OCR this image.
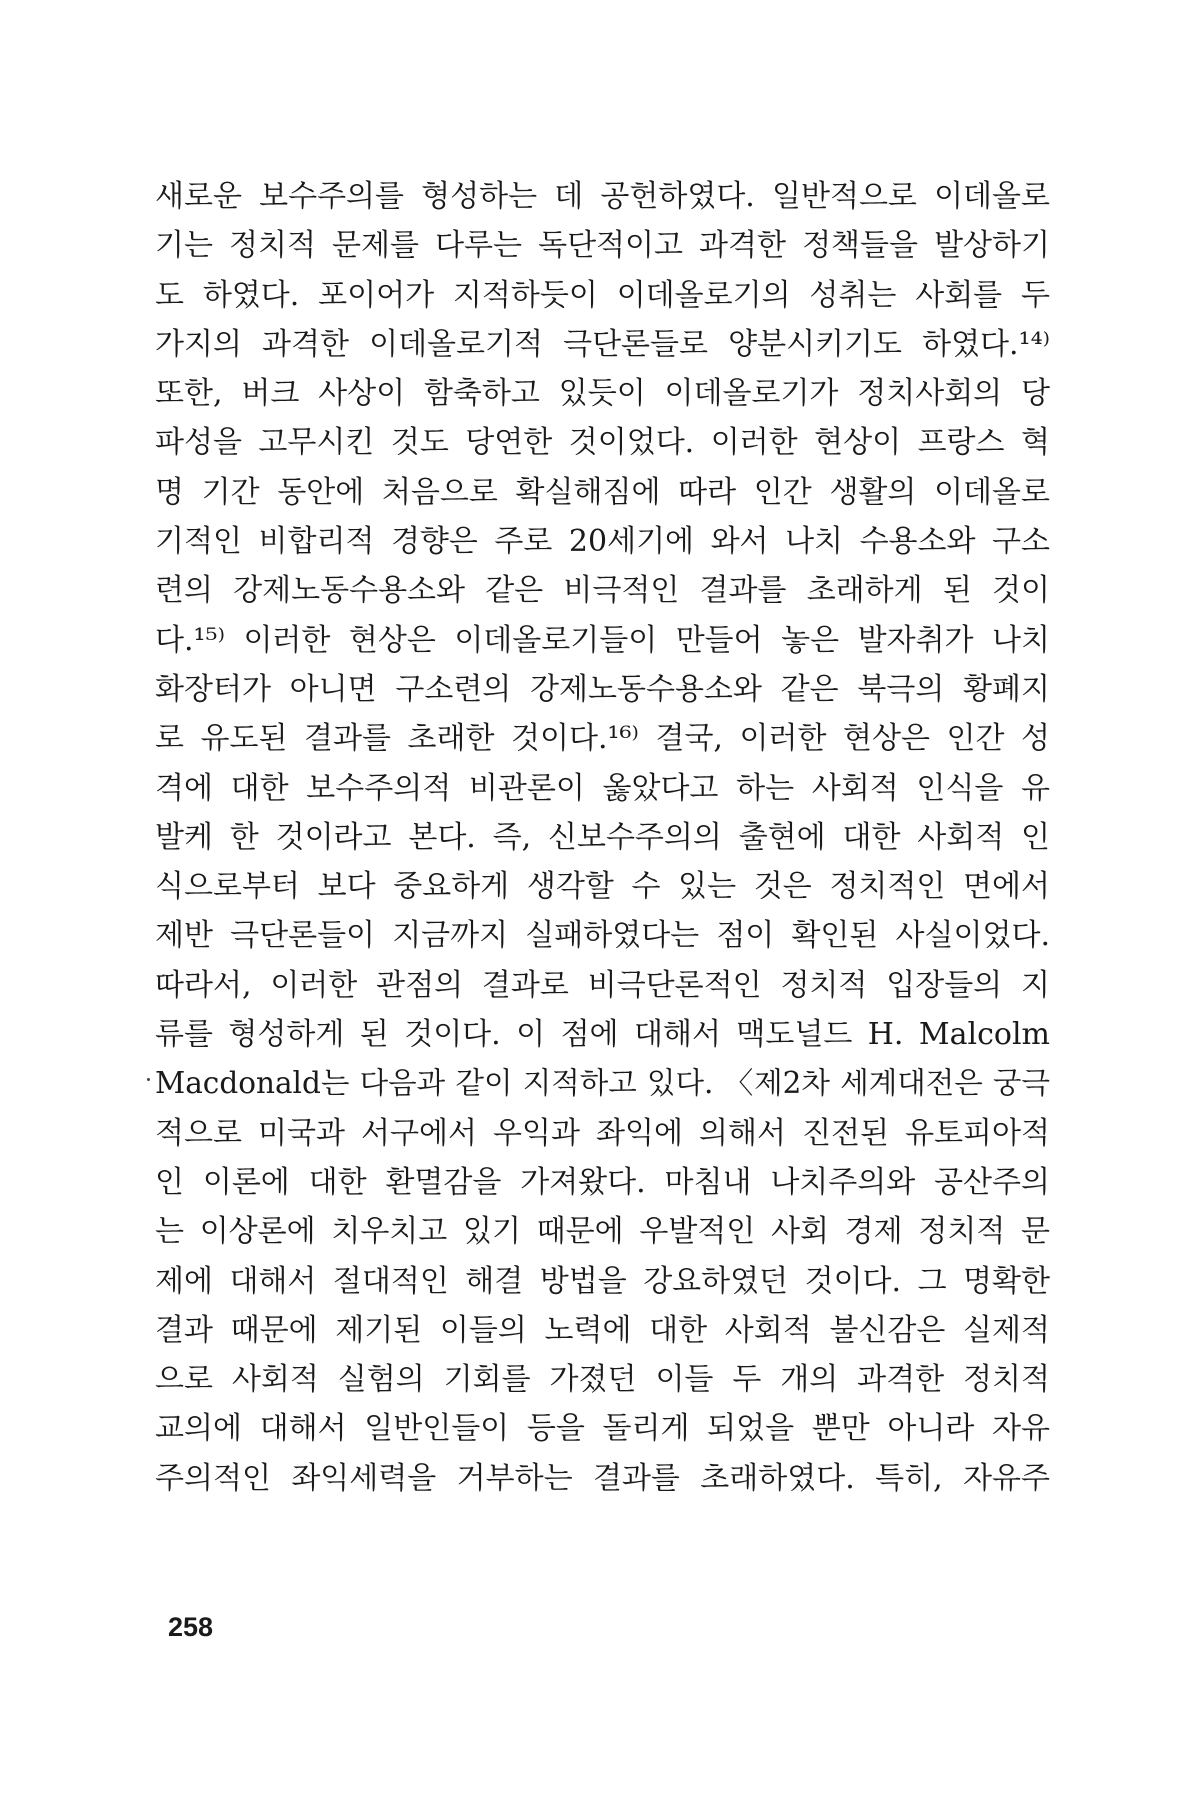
새로운 보수주의를 형성하는 데 공헌하였다. 일반적으로 이데올로
기는 정치적 문제를 다루는 독단적이고 과격한 정책들을 발상하기
도 하였다. 포이어가 지적하듯이 이데올로기의 성취는 사회를 두
가지의 과격한 이데올로기적 극단론들로 양분시키기도 하였다.¹⁴⁾
또한, 버크 사상이 함축하고 있듯이 이데올로기가 정치사회의 당
파성을 고무시킨 것도 당연한 것이었다. 이러한 현상이 프랑스 혁
명 기간 동안에 처음으로 확실해짐에 따라 인간 생활의 이데올로
기적인 비합리적 경향은 주로 20세기에 와서 나치 수용소와 구소
련의 강제노동수용소와 같은 비극적인 결과를 초래하게 된 것이
다.¹⁵⁾ 이러한 현상은 이데올로기들이 만들어 놓은 발자취가 나치
화장터가 아니면 구소련의 강제노동수용소와 같은 북극의 황폐지
로 유도된 결과를 초래한 것이다.¹⁶⁾ 결국, 이러한 현상은 인간 성
격에 대한 보수주의적 비관론이 옳았다고 하는 사회적 인식을 유
발케 한 것이라고 본다. 즉, 신보수주의의 출현에 대한 사회적 인
식으로부터 보다 중요하게 생각할 수 있는 것은 정치적인 면에서
제반 극단론들이 지금까지 실패하였다는 점이 확인된 사실이었다.
따라서, 이러한 관점의 결과로 비극단론적인 정치적 입장들의 지
류를 형성하게 된 것이다. 이 점에 대해서 맥도널드 H. Malcolm
Macdonald는 다음과 같이 지적하고 있다. 〈제2차 세계대전은 궁극
적으로 미국과 서구에서 우익과 좌익에 의해서 진전된 유토피아적
인 이론에 대한 환멸감을 가져왔다. 마침내 나치주의와 공산주의
는 이상론에 치우치고 있기 때문에 우발적인 사회 경제 정치적 문
제에 대해서 절대적인 해결 방법을 강요하였던 것이다. 그 명확한
결과 때문에 제기된 이들의 노력에 대한 사회적 불신감은 실제적
으로 사회적 실험의 기회를 가졌던 이들 두 개의 과격한 정치적
교의에 대해서 일반인들이 등을 돌리게 되었을 뿐만 아니라 자유
주의적인 좌익세력을 거부하는 결과를 초래하였다. 특히, 자유주
258
